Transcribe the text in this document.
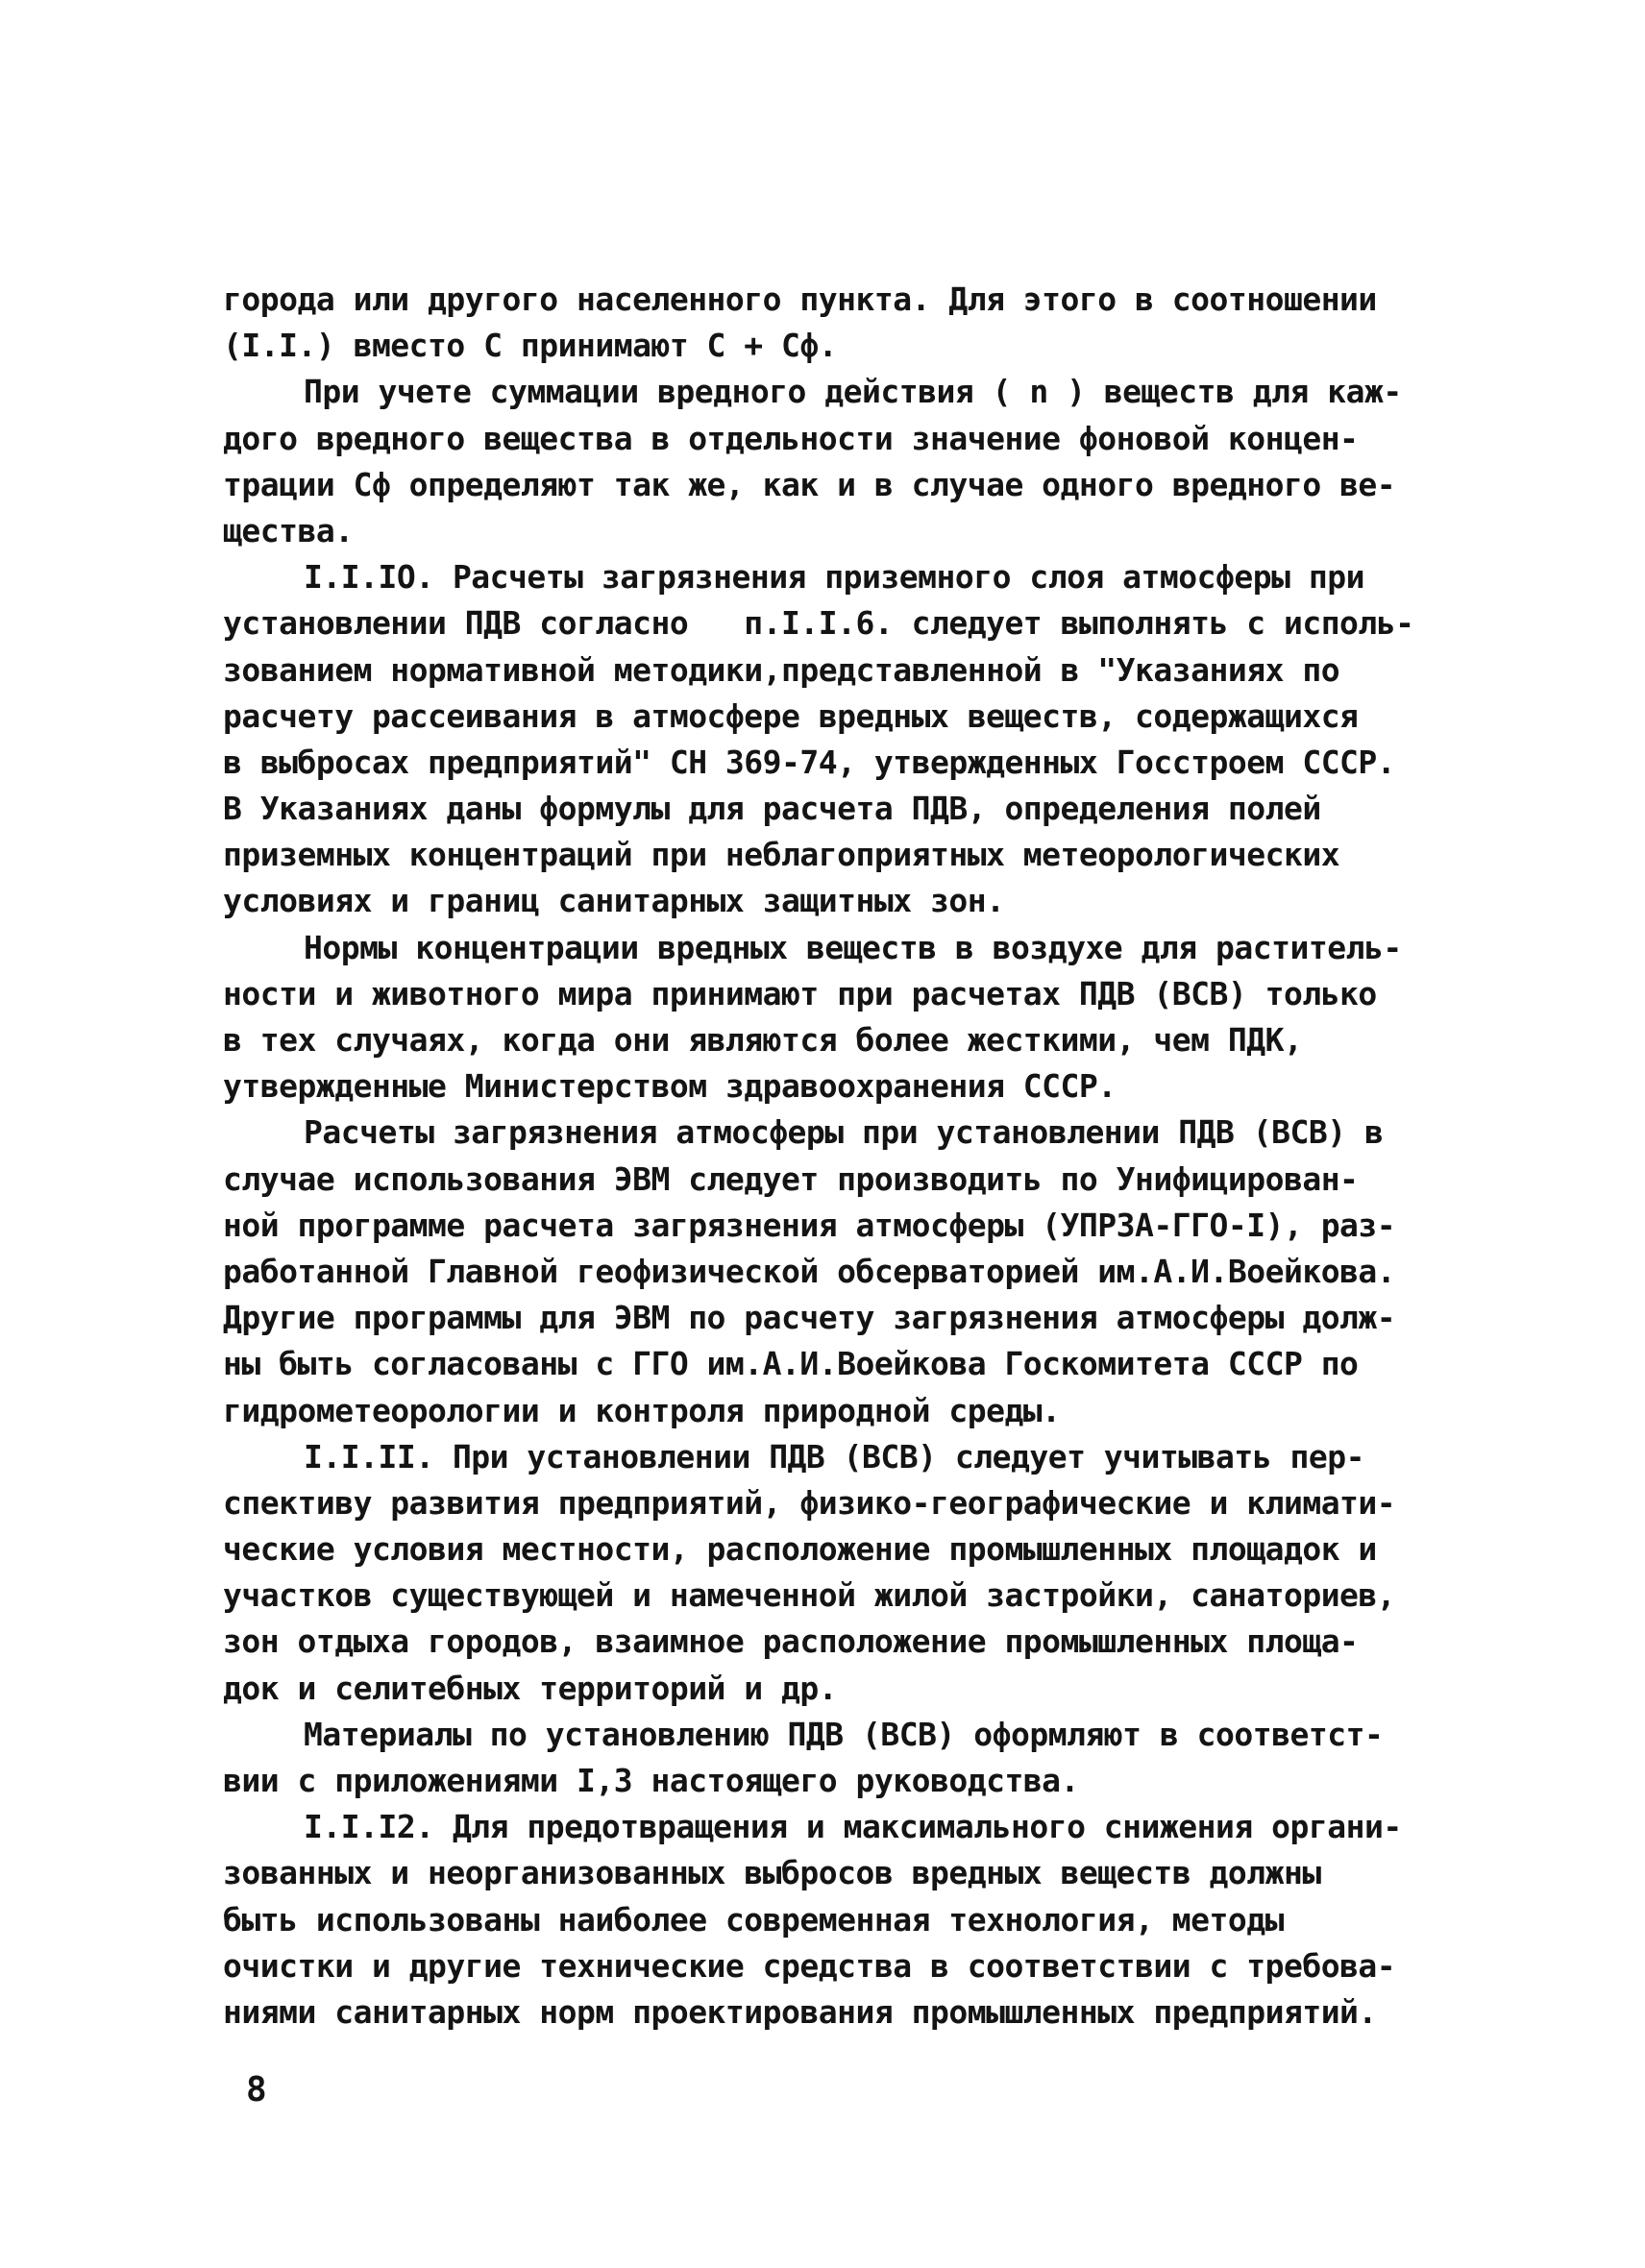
города или другого населенного пункта. Для этого в соотношении
(I.I.) вместо С принимают С + Сф.
При учете суммации вредного действия ( n ) веществ для каж-
дого вредного вещества в отдельности значение фоновой концен-
трации Сф определяют так же, как и в случае одного вредного ве-
щества.
I.I.IO. Расчеты загрязнения приземного слоя атмосферы при
установлении ПДВ согласно   п.I.I.6. следует выполнять с исполь-
зованием нормативной методики,представленной в "Указаниях по
расчету рассеивания в атмосфере вредных веществ, содержащихся
в выбросах предприятий" СН 369-74, утвержденных Госстроем СССР.
В Указаниях даны формулы для расчета ПДВ, определения полей
приземных концентраций при неблагоприятных метеорологических
условиях и границ санитарных защитных зон.
Нормы концентрации вредных веществ в воздухе для раститель-
ности и животного мира принимают при расчетах ПДВ (ВСВ) только
в тех случаях, когда они являются более жесткими, чем ПДК,
утвержденные Министерством здравоохранения СССР.
Расчеты загрязнения атмосферы при установлении ПДВ (ВСВ) в
случае использования ЭВМ следует производить по Унифицирован-
ной программе расчета загрязнения атмосферы (УПРЗА-ГГО-I), раз-
работанной Главной геофизической обсерваторией им.А.И.Воейкова.
Другие программы для ЭВМ по расчету загрязнения атмосферы долж-
ны быть согласованы с ГГО им.А.И.Воейкова Госкомитета СССР по
гидрометеорологии и контроля природной среды.
I.I.II. При установлении ПДВ (ВСВ) следует учитывать пер-
спективу развития предприятий, физико-географические и климати-
ческие условия местности, расположение промышленных площадок и
участков существующей и намеченной жилой застройки, санаториев,
зон отдыха городов, взаимное расположение промышленных площа-
док и селитебных территорий и др.
Материалы по установлению ПДВ (ВСВ) оформляют в соответст-
вии с приложениями I,3 настоящего руководства.
I.I.I2. Для предотвращения и максимального снижения органи-
зованных и неорганизованных выбросов вредных веществ должны
быть использованы наиболее современная технология, методы
очистки и другие технические средства в соответствии с требова-
ниями санитарных норм проектирования промышленных предприятий.
8
